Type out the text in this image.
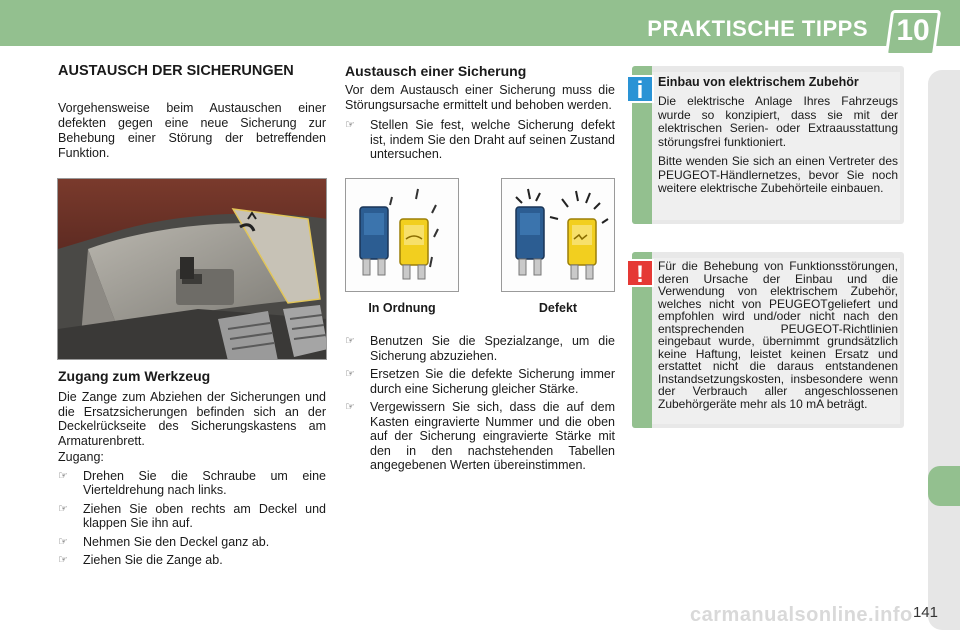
PRAKTISCHE TIPPS 10
AUSTAUSCH DER SICHERUNGEN
Vorgehensweise beim Austauschen einer defekten gegen eine neue Sicherung zur Behebung einer Störung der betreffenden Funktion.
Zugang zum Werkzeug

Die Zange zum Abziehen der Sicherungen und die Ersatzsicherungen befinden sich an der Deckelrückseite des Sicherungskastens am Armaturenbrett.

Zugang:

☞	Drehen Sie die Schraube um eine Vierteldrehung nach links.
☞	Ziehen Sie oben rechts am Deckel und klappen Sie ihn auf.
☞	Nehmen Sie den Deckel ganz ab.
☞	Ziehen Sie die Zange ab.
Austausch einer Sicherung

Vor dem Austausch einer Sicherung muss die Störungsursache ermittelt und behoben werden.

☞	Stellen Sie fest, welche Sicherung defekt ist, indem Sie den Draht auf seinen Zustand untersuchen.
In Ordnung	Defekt
☞	Benutzen Sie die Spezialzange, um die Sicherung abzuziehen.
☞	Ersetzen Sie die defekte Sicherung immer durch eine Sicherung gleicher Stärke.
☞	Vergewissern Sie sich, dass die auf dem Kasten eingravierte Nummer und die oben auf der Sicherung eingravierte Stärke mit den in den nachstehenden Tabellen angegebenen Werten übereinstimmen.
i	Einbau von elektrischem Zubehör

Die elektrische Anlage Ihres Fahrzeugs wurde so konzipiert, dass sie mit der elektrischen Serien- oder Extraausstattung störungsfrei funktioniert.

Bitte wenden Sie sich an einen Vertreter des PEUGEOT-Händlernetzes, bevor Sie noch weitere elektrische Zubehörteile einbauen.

!	Für die Behebung von Funktionsstörungen, deren Ursache der Einbau und die Verwendung von elektrischem Zubehör, welches nicht von PEUGEOTgeliefert und empfohlen wird und/oder nicht nach den entsprechenden PEUGEOT-Richtlinien eingebaut wurde, übernimmt grundsätzlich keine Haftung, leistet keinen Ersatz und erstattet nicht die daraus entstandenen Instandsetzungskosten, insbesondere wenn der Verbrauch aller angeschlossenen Zubehörgeräte mehr als 10 mA beträgt.
carmanualsonline.info 141
